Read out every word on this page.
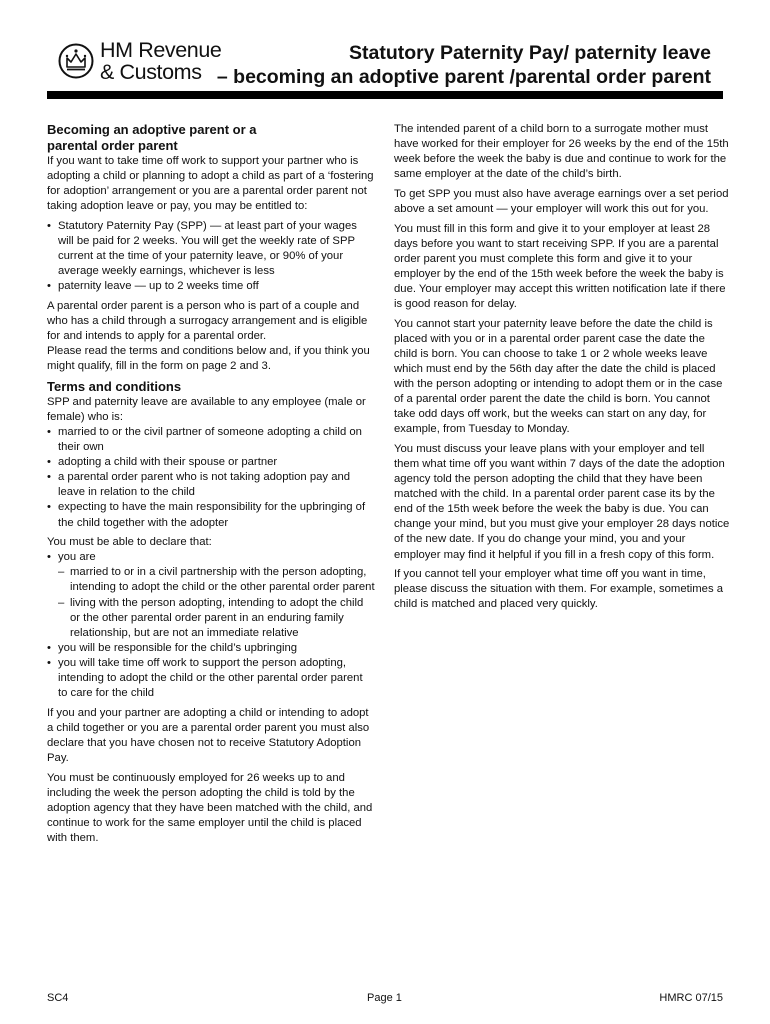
HM Revenue
& Customs
Statutory Paternity Pay/ paternity leave
– becoming an adoptive parent /parental order parent
Becoming an adoptive parent or a
parental order parent

If you want to take time off work to support your partner who is adopting a child or planning to adopt a child as part of a ‘fostering for adoption’ arrangement or you are a parental order parent not taking adoption leave or pay, you may be entitled to:

• Statutory Paternity Pay (SPP) — at least part of your wages will be paid for 2 weeks. You will get the weekly rate of SPP current at the time of your paternity leave, or 90% of your average weekly earnings, whichever is less
• paternity leave — up to 2 weeks time off

A parental order parent is a person who is part of a couple and who has a child through a surrogacy arrangement and is eligible for and intends to apply for a parental order.

Please read the terms and conditions below and, if you think you might qualify, fill in the form on page 2 and 3.

Terms and conditions

SPP and paternity leave are available to any employee (male or female) who is:

• married to or the civil partner of someone adopting a child on their own
• adopting a child with their spouse or partner
• a parental order parent who is not taking adoption pay and leave in relation to the child
• expecting to have the main responsibility for the upbringing of the child together with the adopter

You must be able to declare that:

• you are
– married to or in a civil partnership with the person adopting, intending to adopt the child or the other parental order parent
– living with the person adopting, intending to adopt the child or the other parental order parent in an enduring family relationship, but are not an immediate relative
• you will be responsible for the child’s upbringing
• you will take time off work to support the person adopting, intending to adopt the child or the other parental order parent to care for the child

If you and your partner are adopting a child or intending to adopt a child together or you are a parental order parent you must also declare that you have chosen not to receive Statutory Adoption Pay.

You must be continuously employed for 26 weeks up to and including the week the person adopting the child is told by the adoption agency that they have been matched with the child, and continue to work for the same employer until the child is placed with them.

The intended parent of a child born to a surrogate mother must have worked for their employer for 26 weeks by the end of the 15th week before the week the baby is due and continue to work for the same employer at the date of the child’s birth.

To get SPP you must also have average earnings over a set period above a set amount — your employer will work this out for you.

You must fill in this form and give it to your employer at least 28 days before you want to start receiving SPP. If you are a parental order parent you must complete this form and give it to your employer by the end of the 15th week before the week the baby is due. Your employer may accept this written notification late if there is good reason for delay.

You cannot start your paternity leave before the date the child is placed with you or in a parental order parent case the date the child is born. You can choose to take 1 or 2 whole weeks leave which must end by the 56th day after the date the child is placed with the person adopting or intending to adopt them or in the case of a parental order parent the date the child is born. You cannot take odd days off work, but the weeks can start on any day, for example, from Tuesday to Monday.

You must discuss your leave plans with your employer and tell them what time off you want within 7 days of the date the adoption agency told the person adopting the child that they have been matched with the child. In a parental order parent case its by the end of the 15th week before the week the baby is due. You can change your mind, but you must give your employer 28 days notice of the new date. If you do change your mind, you and your employer may find it helpful if you fill in a fresh copy of this form.

If you cannot tell your employer what time off you want in time, please discuss the situation with them. For example, sometimes a child is matched and placed very quickly.

SC4	Page 1	HMRC 07/15
